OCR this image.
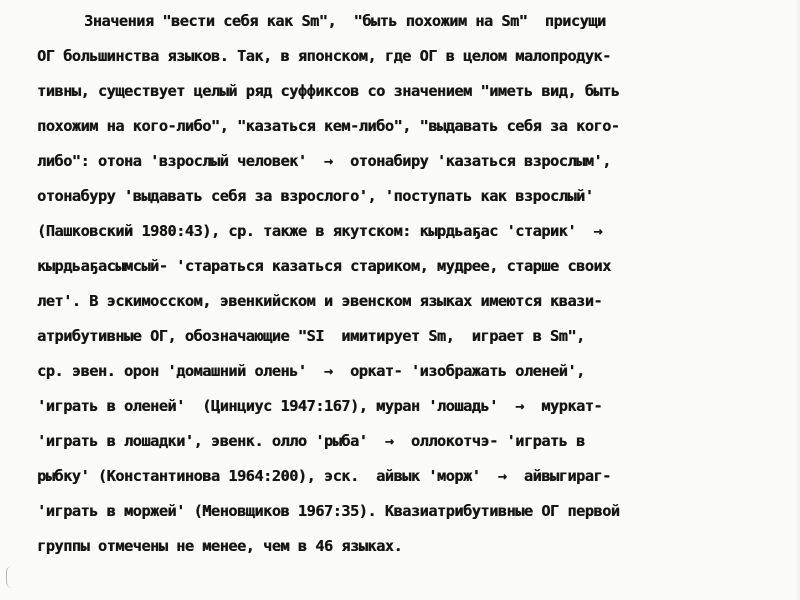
Значения "вести себя как Sm",  "быть похожим на Sm"  присущи
ОГ большинства языков. Так, в японском, где ОГ в целом малопродук-
тивны, существует целый ряд суффиксов со значением "иметь вид, быть
похожим на кого-либо", "казаться кем-либо", "выдавать себя за кого-
либо": отона 'взрослый человек'  →  отонабиру 'казаться взрослым',
отонабуру 'выдавать себя за взрослого', 'поступать как взрослый'
(Пашковский 1980:43), ср. также в якутском: кырдьаҕас 'старик'  →
кырдьаҕасымсый- 'стараться казаться стариком, мудрее, старше своих
лет'. В эскимосском, эвенкийском и эвенском языках имеются квази-
атрибутивные ОГ, обозначающие "SI  имитирует Sm,  играет в Sm",
ср. эвен. орон 'домашний олень'  →  оркат- 'изображать оленей',
'играть в оленей'  (Цинциус 1947:167), муран 'лошадь'  →  муркат-
'играть в лошадки', эвенк. олло 'рыба'  →  оллокотчэ- 'играть в
рыбку' (Константинова 1964:200), эск.  айвык 'морж'  →  айвыгираг-
'играть в моржей' (Меновщиков 1967:35). Квазиатрибутивные ОГ первой
группы отмечены не менее, чем в 46 языках.
